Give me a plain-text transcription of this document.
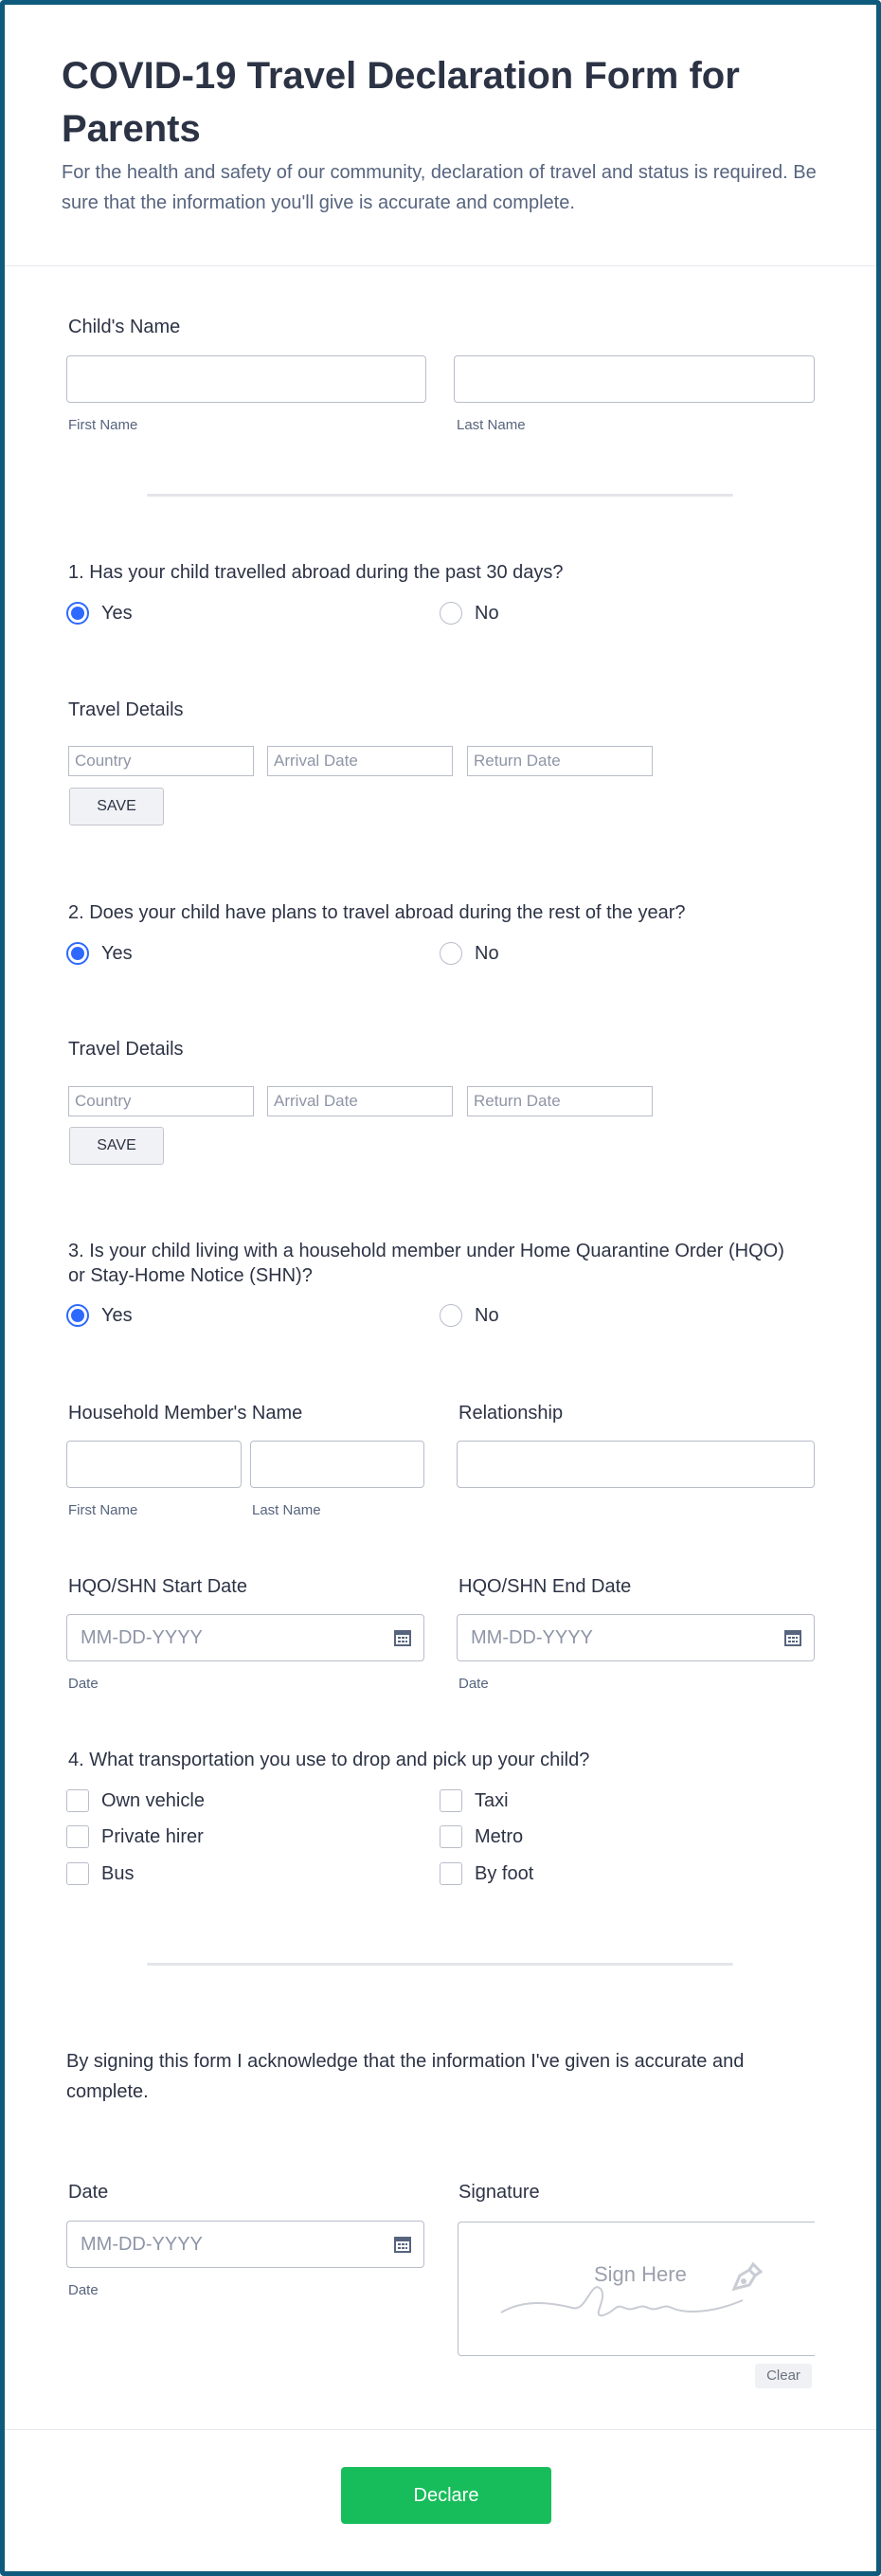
COVID-19 Travel Declaration Form for Parents
For the health and safety of our community, declaration of travel and status is required. Be sure that the information you'll give is accurate and complete.
Child's Name
First Name	Last Name
1. Has your child travelled abroad during the past 30 days?
Yes	No
Travel Details
Country	Arrival Date	Return Date
SAVE
2. Does your child have plans to travel abroad during the rest of the year?
Yes	No
Travel Details
Country	Arrival Date	Return Date
SAVE
3. Is your child living with a household member under Home Quarantine Order (HQO) or Stay-Home Notice (SHN)?
Yes	No
Household Member's Name	Relationship
First Name	Last Name
HQO/SHN Start Date	HQO/SHN End Date
MM-DD-YYYY	MM-DD-YYYY
Date	Date
4. What transportation you use to drop and pick up your child?
Own vehicle
Private hirer
Bus
Taxi
Metro
By foot
By signing this form I acknowledge that the information I've given is accurate and complete.
Date
MM-DD-YYYY
Date
Signature
Sign Here
Clear
Declare
